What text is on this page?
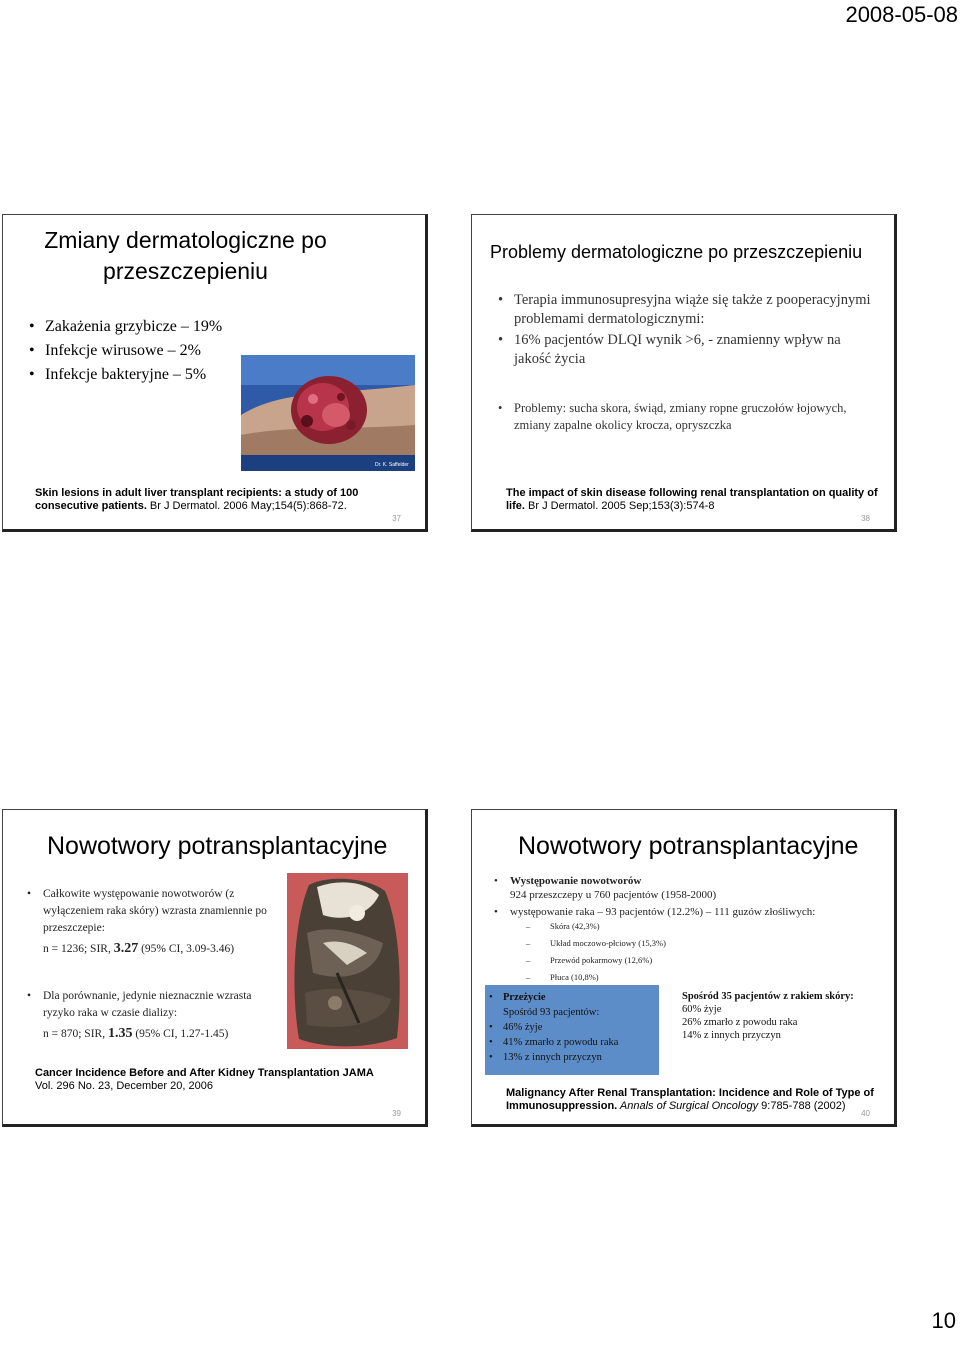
2008-05-08
Zmiany dermatologiczne po przeszczepieniu
• Zakażenia grzybicze – 19%
• Infekcje wirusowe – 2%
• Infekcje bakteryjne – 5%
Dr. K. Saffelder
Skin lesions in adult liver transplant recipients: a study of 100 consecutive patients. Br J Dermatol. 2006 May;154(5):868-72.
37
Problemy dermatologiczne po przeszczepieniu
• Terapia immunosupresyjna wiąże się także z pooperacyjnymi problemami dermatologicznymi:
• 16% pacjentów DLQI wynik >6, - znamienny wpływ na jakość życia
• Problemy: sucha skora, świąd, zmiany ropne gruczołów łojowych, zmiany zapalne okolicy krocza, opryszczka
The impact of skin disease following renal transplantation on quality of life. Br J Dermatol. 2005 Sep;153(3):574-8
38
Nowotwory potransplantacyjne
• Całkowite występowanie nowotworów (z wyłączeniem raka skóry) wzrasta znamiennie po przeszczepie:
n = 1236; SIR, 3.27 (95% CI, 3.09-3.46)
• Dla porównanie, jedynie nieznacznie wzrasta ryzyko raka w czasie dializy:
n = 870; SIR, 1.35 (95% CI, 1.27-1.45)
Cancer Incidence Before and After Kidney Transplantation JAMA Vol. 296 No. 23, December 20, 2006
39
Nowotwory potransplantacyjne
• Występowanie nowotworów
924 przeszczepy u 760 pacjentów (1958-2000)
• występowanie raka – 93 pacjentów (12.2%) – 111 guzów złośliwych:
– Skóra (42,3%)
– Układ moczowo-płciowy (15,3%)
– Przewód pokarmowy (12,6%)
– Płuca (10,8%)
• Przeżycie
Spośród 93 pacjentów:
• 46% żyje
• 41% zmarło z powodu raka
• 13% z innych przyczyn
Spośród 35 pacjentów z rakiem skóry:
60% żyje
26% zmarło z powodu raka
14% z innych przyczyn
Malignancy After Renal Transplantation: Incidence and Role of Type of Immunosuppression. Annals of Surgical Oncology 9:785-788 (2002)
40
10
